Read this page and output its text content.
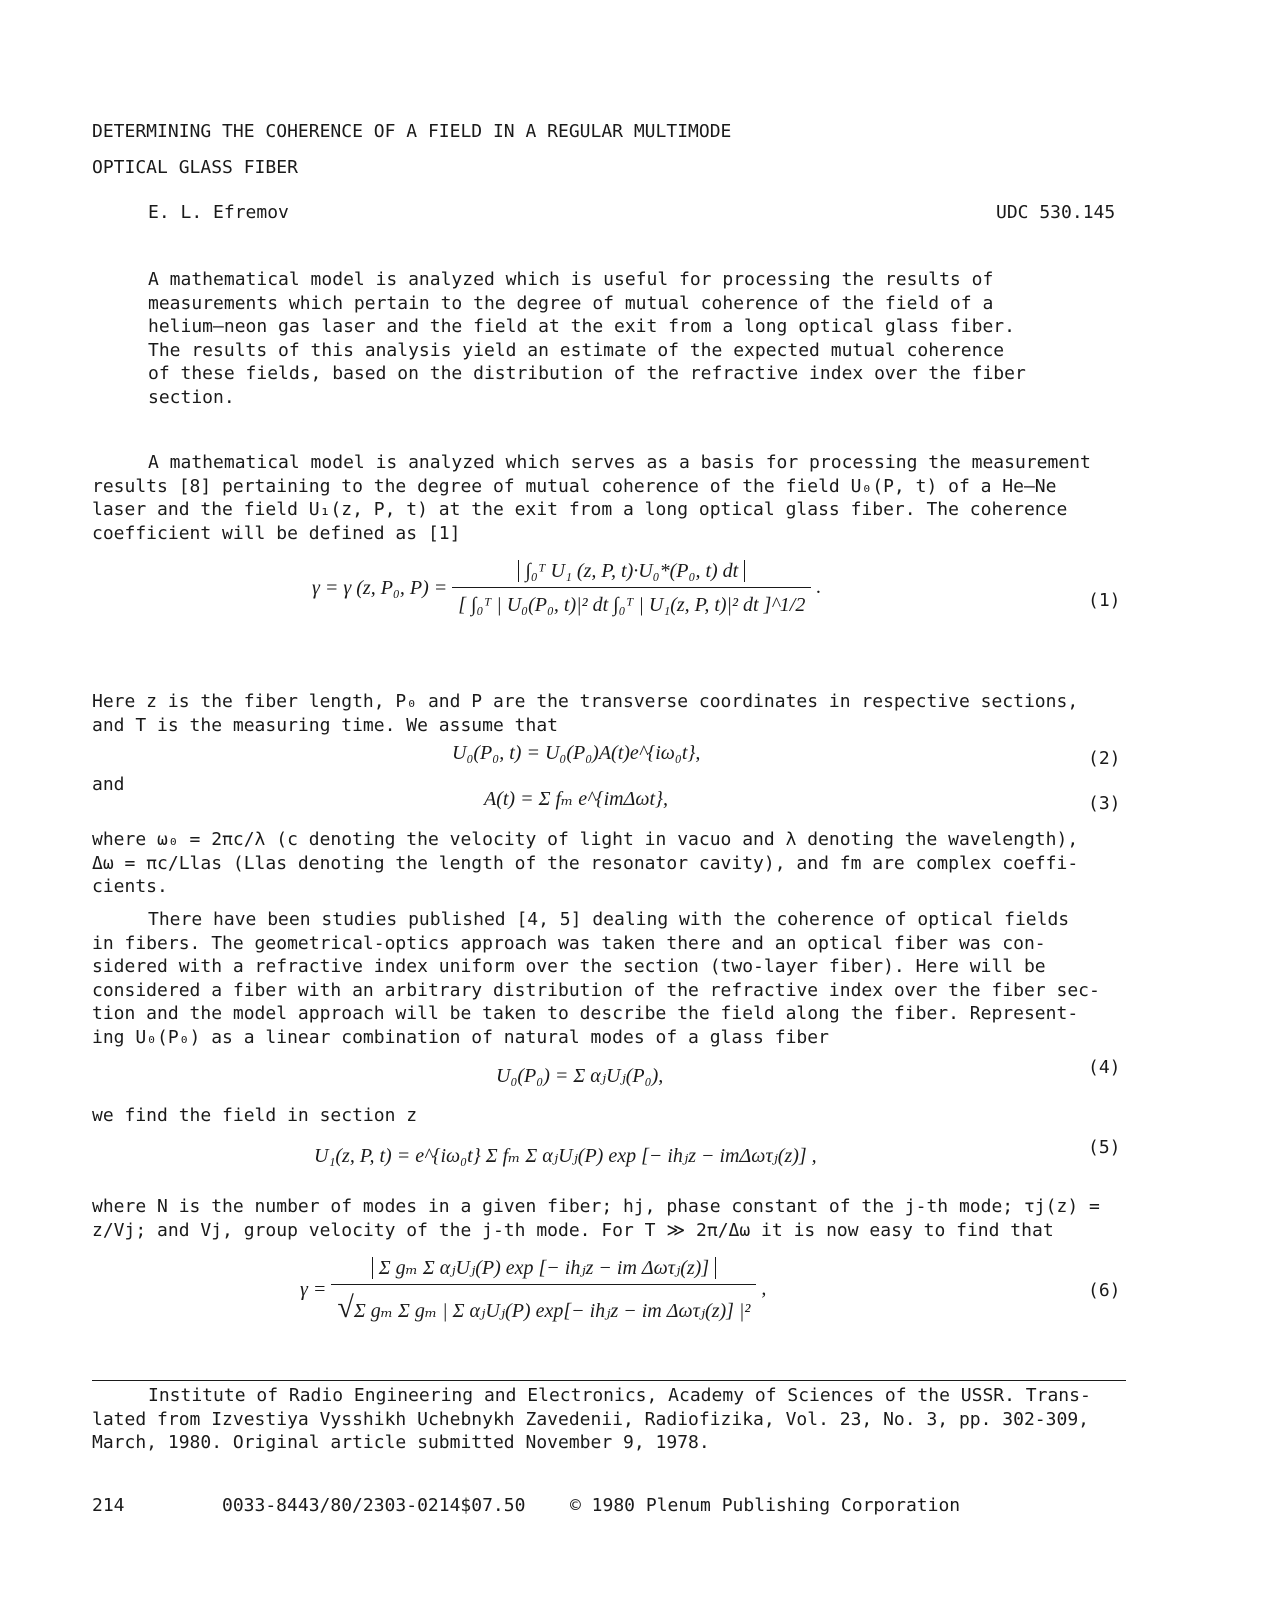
DETERMINING THE COHERENCE OF A FIELD IN A REGULAR MULTIMODE
OPTICAL GLASS FIBER
E. L. Efremov	UDC 530.145
A mathematical model is analyzed which is useful for processing the results of
measurements which pertain to the degree of mutual coherence of the field of a
helium—neon gas laser and the field at the exit from a long optical glass fiber.
The results of this analysis yield an estimate of the expected mutual coherence
of these fields, based on the distribution of the refractive index over the fiber
section.
A mathematical model is analyzed which serves as a basis for processing the measurement
results [8] pertaining to the degree of mutual coherence of the field U₀(P, t) of a He–Ne
laser and the field U₁(z, P, t) at the exit from a long optical glass fiber. The coherence
coefficient will be defined as [1]
γ = γ (z, P₀, $P) = \frac{\text{∫₀ᵀ U₁ (z, P, t)·U₀*(P₀, t) dt}}{\text{[ ∫₀ᵀ | U₀(P₀, t)|² dt ∫₀ᵀ | U₁(z, P, t)|² dt ]\textasciicircum{}1/2}}$ .
(1)
Here z is the fiber length, P₀ and P are the transverse coordinates in respective sections,
and T is the measuring time. We assume that
U₀(P₀, t) = U₀(P₀)A(t)e^{iω₀t},	(2)
and
A(t) = Σ fₘ e^{imΔωt},	(3)
where ω₀ = 2πc/λ (c denoting the velocity of light in vacuo and λ denoting the wavelength),
Δω = πc/Llas (Llas denoting the length of the resonator cavity), and fm are complex coeffi-
cients.
There have been studies published [4, 5] dealing with the coherence of optical fields
in fibers. The geometrical-optics approach was taken there and an optical fiber was con-
sidered with a refractive index uniform over the section (two-layer fiber). Here will be
considered a fiber with an arbitrary distribution of the refractive index over the fiber sec-
tion and the model approach will be taken to describe the field along the fiber. Represent-
ing U₀(P₀) as a linear combination of natural modes of a glass fiber
U₀(P₀) = Σ αⱼUⱼ(P₀),	(4)
we find the field in section z
U₁(z, P, t) = e^{iω₀t} Σ fₘ Σ αⱼUⱼ(P) exp [− ihⱼz − imΔωτⱼ(z)] ,	(5)
where N is the number of modes in a given fiber; hj, phase constant of the j-th mode; τj(z) =
z/Vj; and Vj, group velocity of the j-th mode. For T ≫ 2π/Δω it is now easy to find that
$\gamma = \frac{\text{Σ gₘ Σ αⱼUⱼ(P) exp [− ihⱼz − im Δωτⱼ(z)]}}{\text{√Σ gₘ Σ gₘ | Σ αⱼUⱼ(P) exp[− ihⱼz − im Δωτⱼ(z)] |²}}$ ,	(6)
Institute of Radio Engineering and Electronics, Academy of Sciences of the USSR. Trans-
lated from Izvestiya Vysshikh Uchebnykh Zavedenii, Radiofizika, Vol. 23, No. 3, pp. 302-309,
March, 1980. Original article submitted November 9, 1978.
214	0033-8443/80/2303-0214$07.50 © 1980 Plenum Publishing Corporation
